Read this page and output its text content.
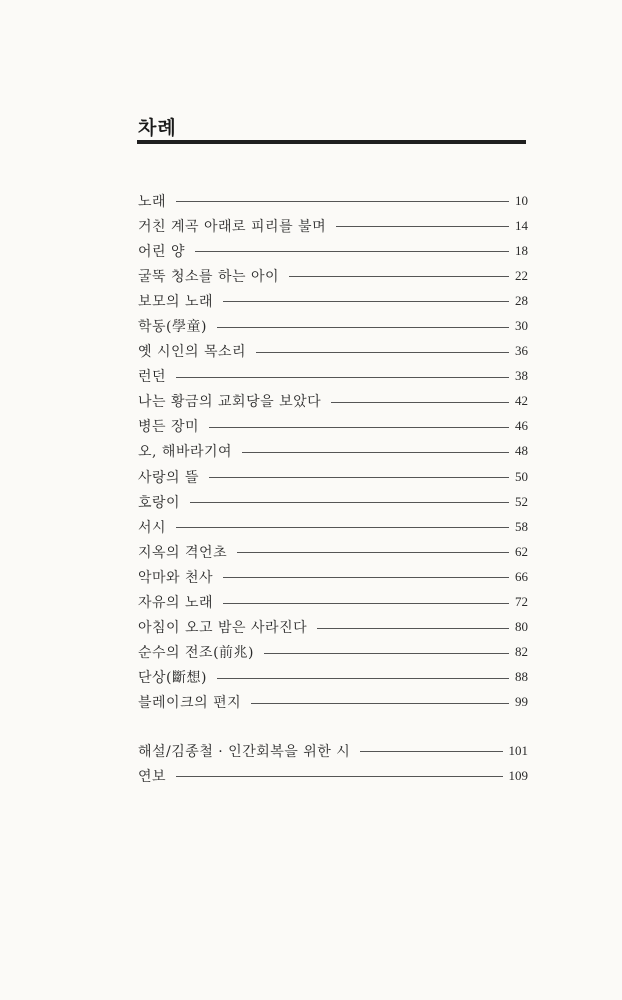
차례
노래	10
거친 계곡 아래로 피리를 불며	14
어린 양	18
굴뚝 청소를 하는 아이	22
보모의 노래	28
학동(學童)	30
옛 시인의 목소리	36
런던	38
나는 황금의 교회당을 보았다	42
병든 장미	46
오, 해바라기여	48
사랑의 뜰	50
호랑이	52
서시	58
지옥의 격언초	62
악마와 천사	66
자유의 노래	72
아침이 오고 밤은 사라진다	80
순수의 전조(前兆)	82
단상(斷想)	88
블레이크의 편지	99
해설/김종철 · 인간회복을 위한 시	101
연보	109
